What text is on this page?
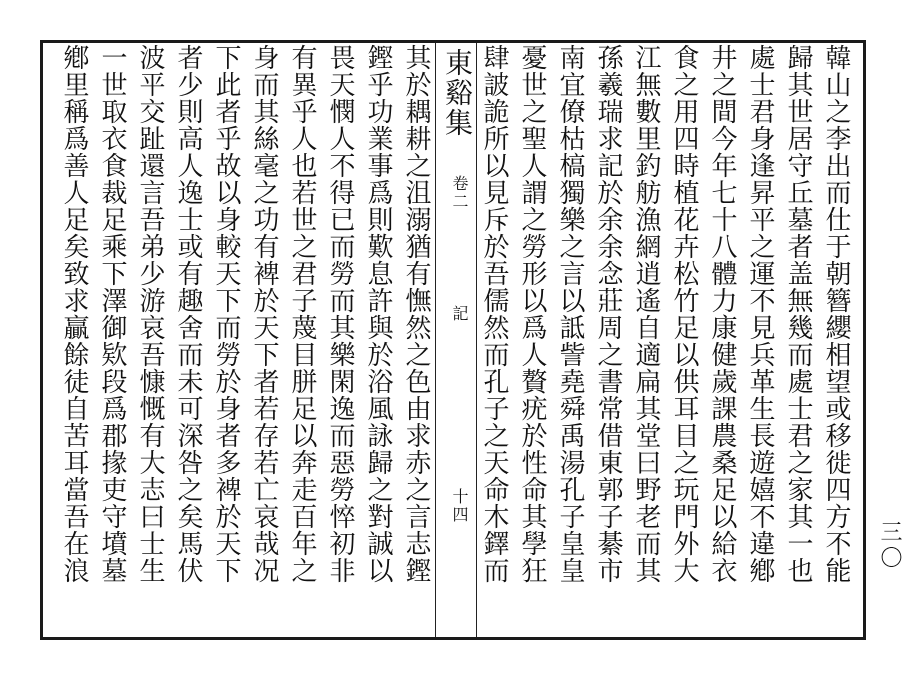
韓山之李出而仕于朝簪纓相望或移徙四方不能
歸其世居守丘墓者盖無幾而處士君之家其一也
處士君身逢昇平之運不見兵革生長遊嬉不違鄕
井之間今年七十八體力康健歲課農桑足以給衣
食之用四時植花卉松竹足以供耳目之玩門外大
江無數里釣舫漁網逍遙自適扁其堂曰野老而其
孫羲瑞求記於余余念莊周之書常借東郭子綦市
南宜僚枯槁獨樂之言以詆訾堯舜禹湯孔子皇皇
憂世之聖人謂之勞形以爲人贅疣於性命其學狂
肆詖詭所以見斥於吾儒然而孔子之天命木鐸而
東谿集
卷二
記
十四
其於耦耕之沮溺猶有憮然之色由求赤之言志鏗
鏗乎功業事爲則歎息許與於浴風詠歸之對誠以
畏天憫人不得已而勞而其樂閑逸而惡勞悴初非
有異乎人也若世之君子蔑目胼足以奔走百年之
身而其絲毫之功有裨於天下者若存若亡哀哉况
下此者乎故以身較天下而勞於身者多裨於天下
者少則高人逸士或有趣舍而未可深咎之矣馬伏
波平交趾還言吾弟少游哀吾慷慨有大志曰士生
一世取衣食裁足乘下澤御欵段爲郡掾吏守墳墓
鄕里稱爲善人足矣致求贏餘徒自苦耳當吾在浪	三〇
